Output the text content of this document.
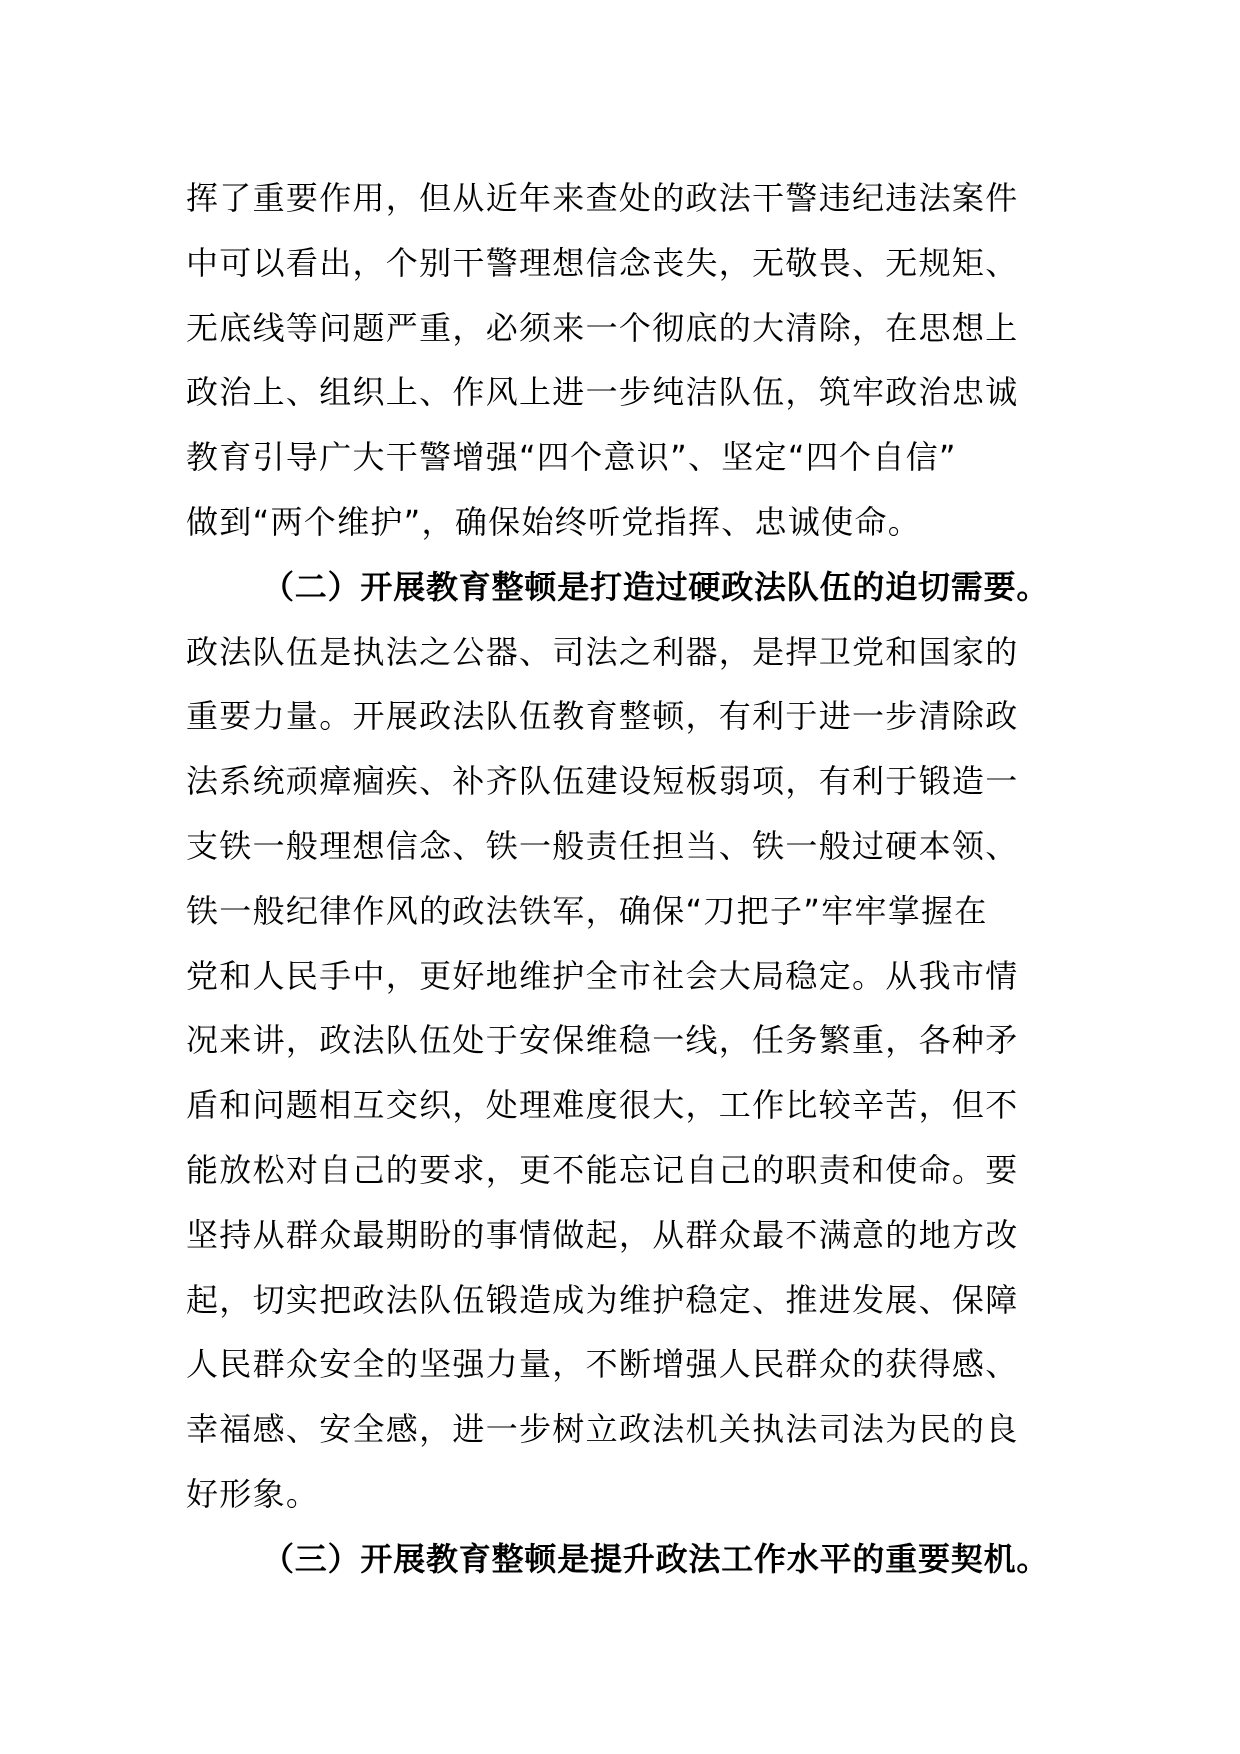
挥了重要作用，但从近年来查处的政法干警违纪违法案件
中可以看出，个别干警理想信念丧失，无敬畏、无规矩、
无底线等问题严重，必须来一个彻底的大清除，在思想上
政治上、组织上、作风上进一步纯洁队伍，筑牢政治忠诚
教育引导广大干警增强“四个意识”、坚定“四个自信”
做到“两个维护”，确保始终听党指挥、忠诚使命。
（二）开展教育整顿是打造过硬政法队伍的迫切需要。
政法队伍是执法之公器、司法之利器，是捍卫党和国家的
重要力量。开展政法队伍教育整顿，有利于进一步清除政
法系统顽瘴痼疾、补齐队伍建设短板弱项，有利于锻造一
支铁一般理想信念、铁一般责任担当、铁一般过硬本领、
铁一般纪律作风的政法铁军，确保“刀把子”牢牢掌握在
党和人民手中，更好地维护全市社会大局稳定。从我市情
况来讲，政法队伍处于安保维稳一线，任务繁重，各种矛
盾和问题相互交织，处理难度很大，工作比较辛苦，但不
能放松对自己的要求，更不能忘记自己的职责和使命。要
坚持从群众最期盼的事情做起，从群众最不满意的地方改
起，切实把政法队伍锻造成为维护稳定、推进发展、保障
人民群众安全的坚强力量，不断增强人民群众的获得感、
幸福感、安全感，进一步树立政法机关执法司法为民的良
好形象。
（三）开展教育整顿是提升政法工作水平的重要契机。
